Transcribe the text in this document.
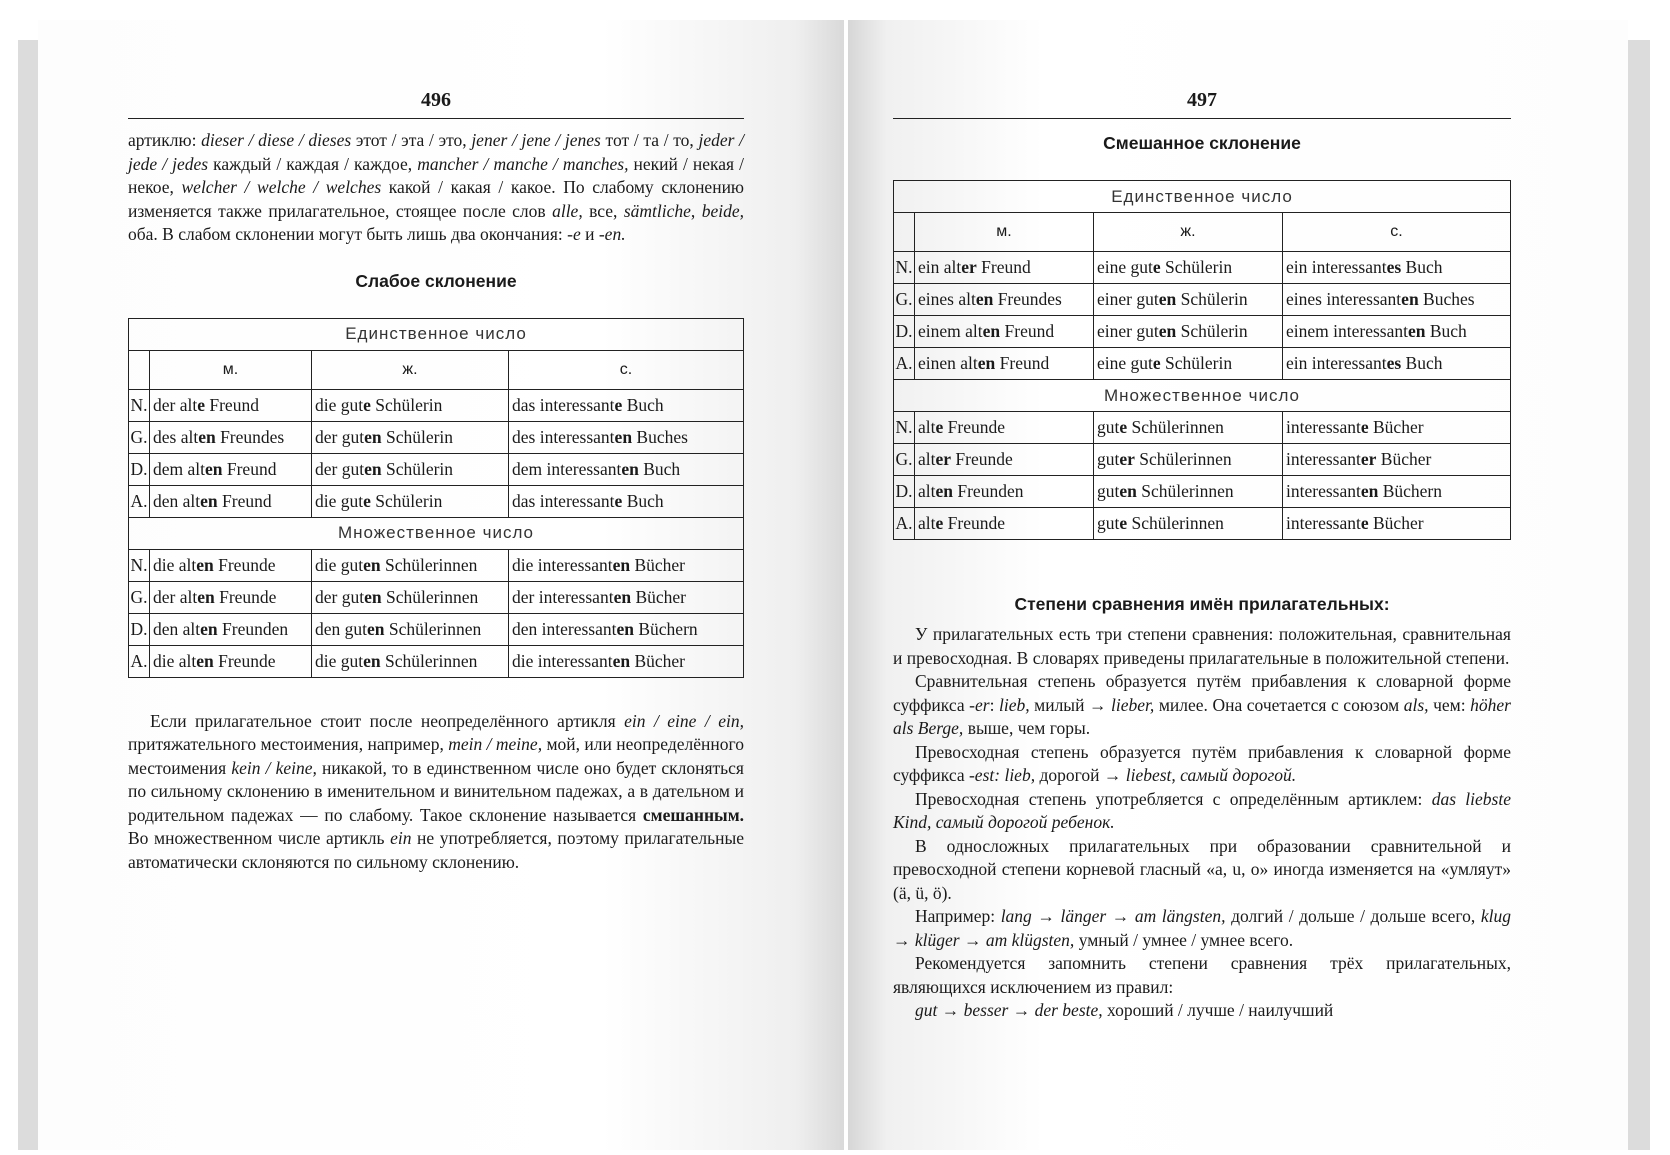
496

артиклю: dieser / diese / dieses этот / эта / это, jener / jene / jenes тот / та / то, jeder / jede / jedes каждый / каждая / каждое, mancher / manche / manches, некий / некая / некое, welcher / welche / welches какой / какая / какое. По слабому склонению изменяется также прилагательное, стоящее после слов alle, все, sämtliche, beide, оба. В слабом склонении могут быть лишь два окончания: -e и -en.

Слабое склонение
Единственное число			
	м.	ж.	с.
N.	der alte Freund	die gute Schülerin	das interessante Buch
G.	des alten Freundes	der guten Schülerin	des interessanten Buches
D.	dem alten Freund	der guten Schülerin	dem interessanten Buch
A.	den alten Freund	die gute Schülerin	das interessante Buch
Множественное число			
N.	die alten Freunde	die guten Schülerinnen	die interessanten Bücher
G.	der alten Freunde	der guten Schülerinnen	der interessanten Bücher
D.	den alten Freunden	den guten Schülerinnen	den interessanten Büchern
A.	die alten Freunde	die guten Schülerinnen	die interessanten Bücher

Если прилагательное стоит после неопределённого артикля ein / eine / ein, притяжательного местоимения, например, mein / meine, мой, или неопределённого местоимения kein / keine, никакой, то в единственном числе оно будет склоняться по сильному склонению в именительном и винительном падежах, а в дательном и родительном падежах — по слабому. Такое склонение называется смешанным. Во множественном числе артикль ein не употребляется, поэтому прилагательные автоматически склоняются по сильному склонению.

497
Смешанное склонение
Единственное число			
	м.	ж.	с.
N.	ein alter Freund	eine gute Schülerin	ein interessantes Buch
G.	eines alten Freundes	einer guten Schülerin	eines interessanten Buches
D.	einem alten Freund	einer guten Schülerin	einem interessanten Buch
A.	einen alten Freund	eine gute Schülerin	ein interessantes Buch
Множественное число			
N.	alte Freunde	gute Schülerinnen	interessante Bücher
G.	alter Freunde	guter Schülerinnen	interessanter Bücher
D.	alten Freunden	guten Schülerinnen	interessanten Büchern
A.	alte Freunde	gute Schülerinnen	interessante Bücher
Степени сравнения имён прилагательных:

У прилагательных есть три степени сравнения: положительная, сравнительная и превосходная. В словарях приведены прилагательные в положительной степени.

Сравнительная степень образуется путём прибавления к словарной форме суффикса -er: lieb, милый → lieber, милее. Она сочетается с союзом als, чем: höher als Berge, выше, чем горы.

Превосходная степень образуется путём прибавления к словарной форме суффикса -est: lieb, дорогой → liebest, самый дорогой.

Превосходная степень употребляется с определённым артиклем: das liebste Kind, самый дорогой ребенок.

В односложных прилагательных при образовании сравнительной и превосходной степени корневой гласный «a, u, o» иногда изменяется на «умляут» (ä, ü, ö).

Например: lang → länger → am längsten, долгий / дольше / дольше всего, klug → klüger → am klügsten, умный / умнее / умнее всего.

Рекомендуется запомнить степени сравнения трёх прилагательных, являющихся исключением из правил:

gut → besser → der beste, хороший / лучше / наилучший
